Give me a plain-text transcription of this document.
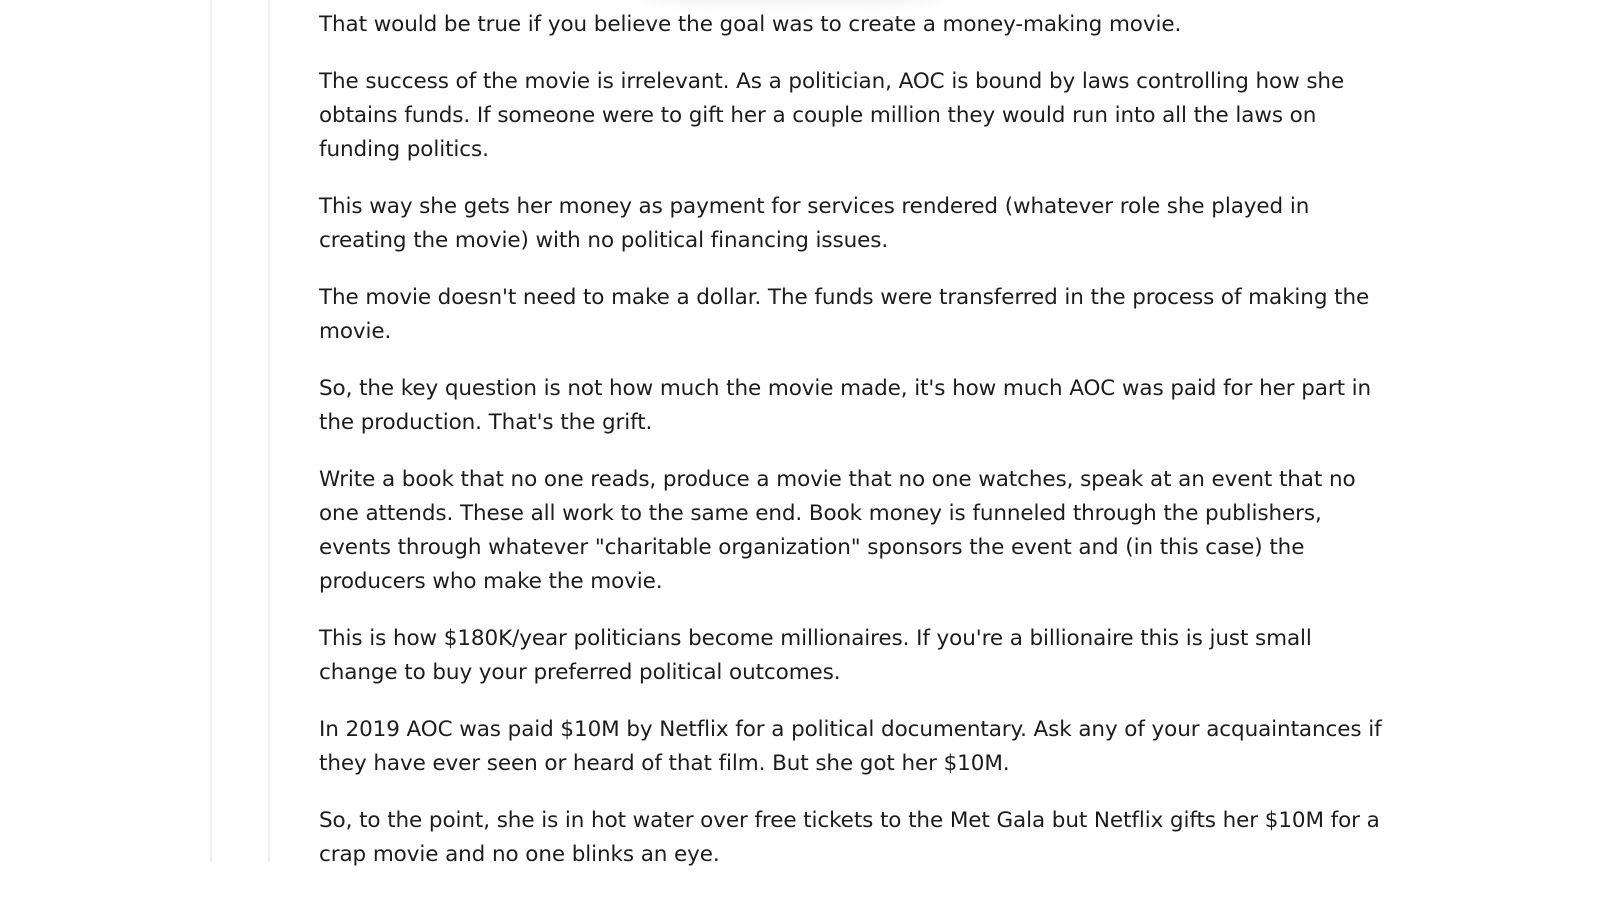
That would be true if you believe the goal was to create a money-making movie.

The success of the movie is irrelevant. As a politician, AOC is bound by laws controlling how she obtains funds. If someone were to gift her a couple million they would run into all the laws on funding politics.

This way she gets her money as payment for services rendered (whatever role she played in creating the movie) with no political financing issues.

The movie doesn't need to make a dollar. The funds were transferred in the process of making the movie.

So, the key question is not how much the movie made, it's how much AOC was paid for her part in the production. That's the grift.

Write a book that no one reads, produce a movie that no one watches, speak at an event that no one attends. These all work to the same end. Book money is funneled through the publishers, events through whatever "charitable organization" sponsors the event and (in this case) the producers who make the movie.

This is how $180K/year politicians become millionaires. If you're a billionaire this is just small change to buy your preferred political outcomes.

In 2019 AOC was paid $10M by Netflix for a political documentary. Ask any of your acquaintances if they have ever seen or heard of that film. But she got her $10M.

So, to the point, she is in hot water over free tickets to the Met Gala but Netflix gifts her $10M for a crap movie and no one blinks an eye.
